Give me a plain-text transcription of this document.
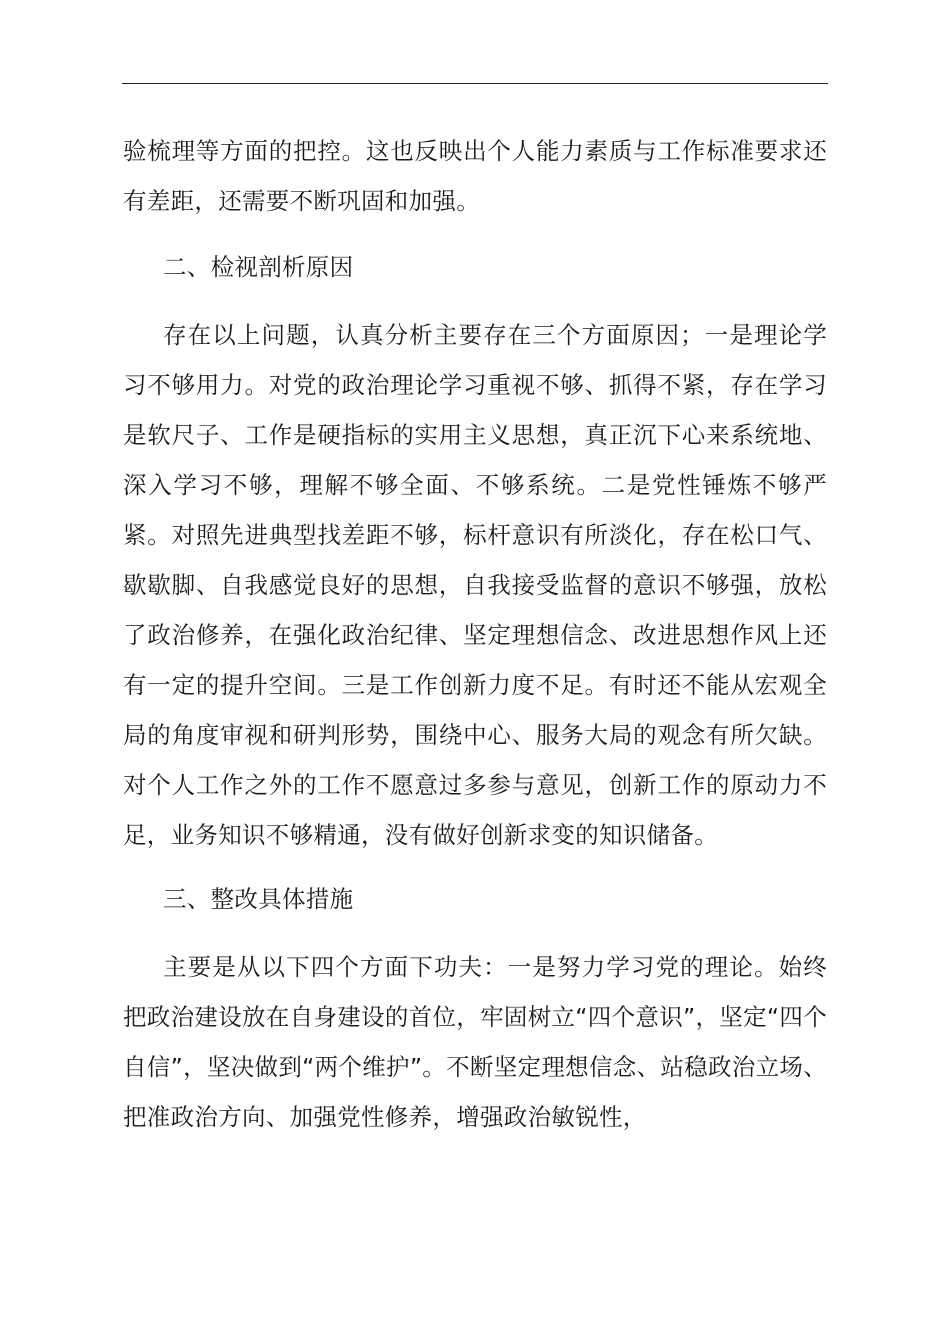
验梳理等方面的把控。这也反映出个人能力素质与工作标准要求还有差距，还需要不断巩固和加强。

二、检视剖析原因

存在以上问题，认真分析主要存在三个方面原因；一是理论学习不够用力。对党的政治理论学习重视不够、抓得不紧，存在学习是软尺子、工作是硬指标的实用主义思想，真正沉下心来系统地、深入学习不够，理解不够全面、不够系统。二是党性锤炼不够严紧。对照先进典型找差距不够，标杆意识有所淡化，存在松口气、歇歇脚、自我感觉良好的思想，自我接受监督的意识不够强，放松了政治修养，在强化政治纪律、坚定理想信念、改进思想作风上还有一定的提升空间。三是工作创新力度不足。有时还不能从宏观全局的角度审视和研判形势，围绕中心、服务大局的观念有所欠缺。对个人工作之外的工作不愿意过多参与意见，创新工作的原动力不足，业务知识不够精通，没有做好创新求变的知识储备。

三、整改具体措施

主要是从以下四个方面下功夫：一是努力学习党的理论。始终把政治建设放在自身建设的首位，牢固树立“四个意识”，坚定“四个自信”，坚决做到“两个维护”。不断坚定理想信念、站稳政治立场、把准政治方向、加强党性修养，增强政治敏锐性，
